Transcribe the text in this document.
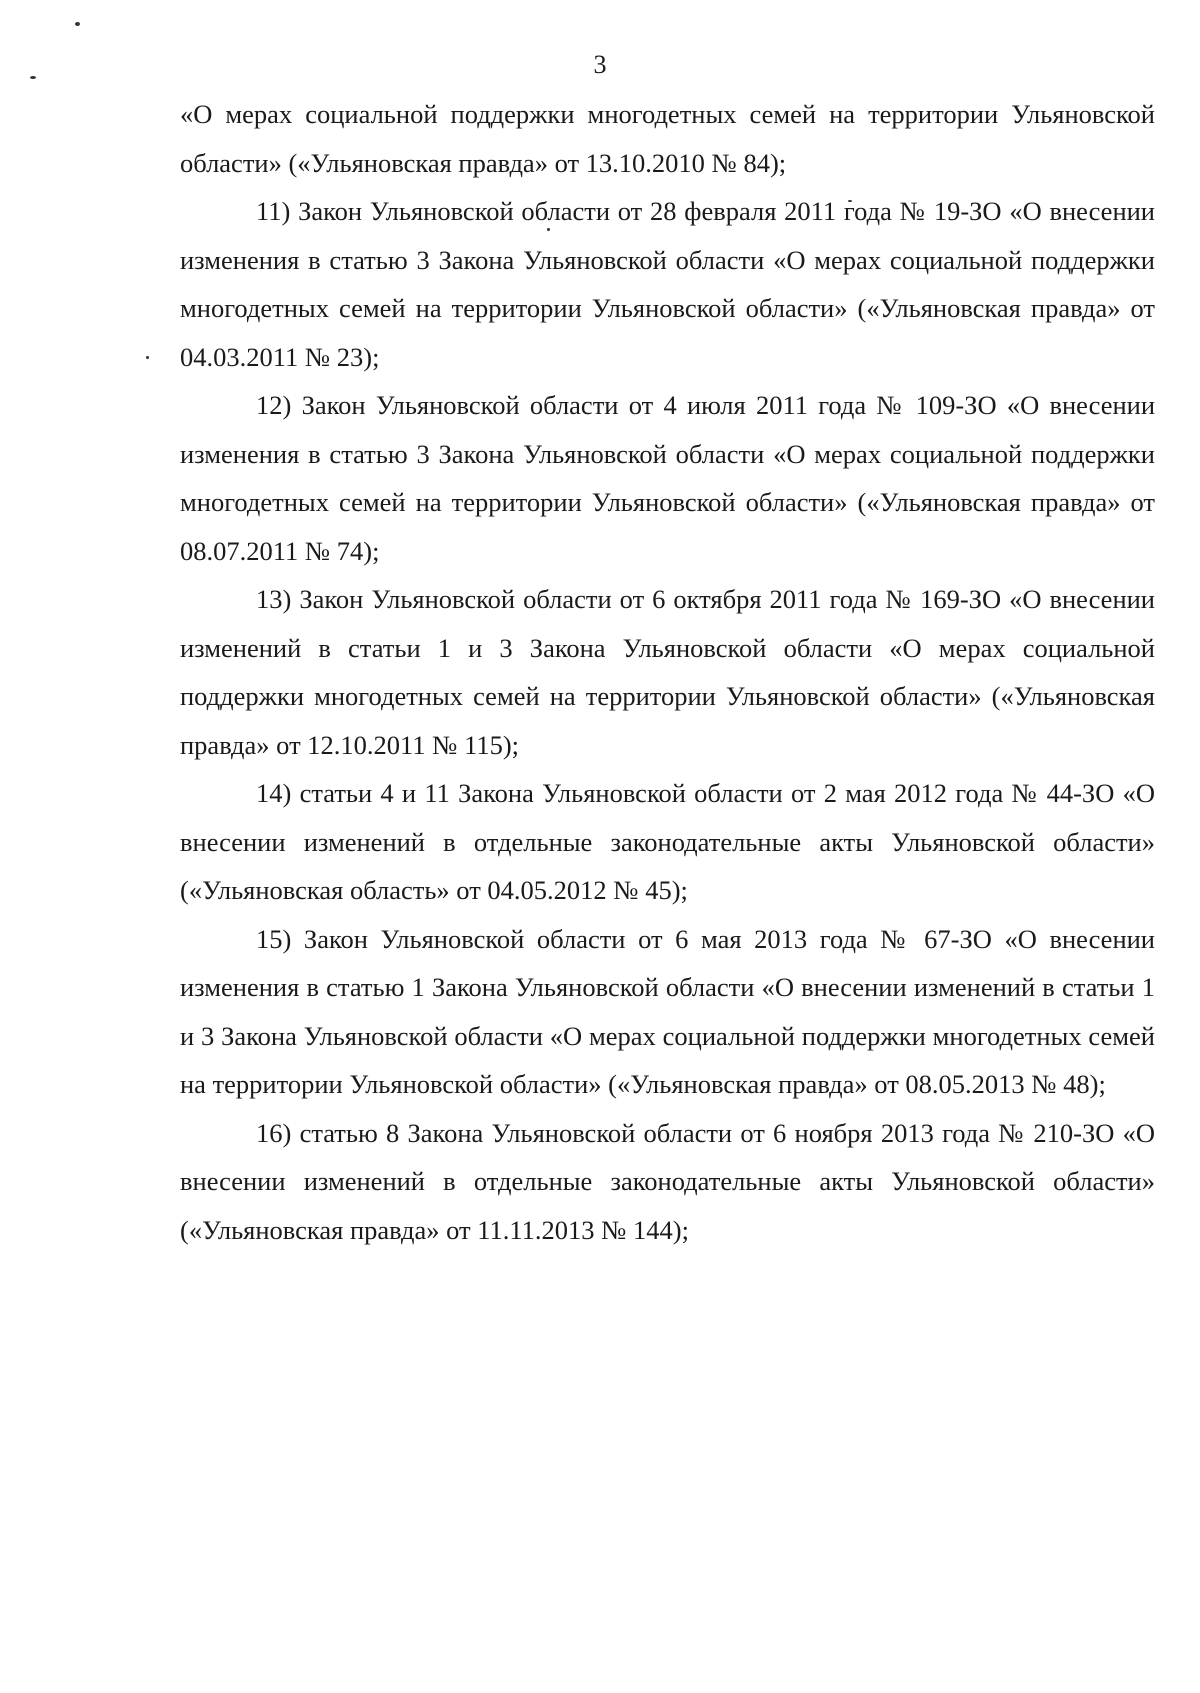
3

«О мерах социальной поддержки многодетных семей на территории Ульяновской области» («Ульяновская правда» от 13.10.2010 № 84);

11) Закон Ульяновской области от 28 февраля 2011 года № 19-ЗО «О внесении изменения в статью 3 Закона Ульяновской области «О мерах социальной поддержки многодетных семей на территории Ульяновской области» («Ульяновская правда» от 04.03.2011 № 23);

12) Закон Ульяновской области от 4 июля 2011 года № 109-ЗО «О внесении изменения в статью 3 Закона Ульяновской области «О мерах социальной поддержки многодетных семей на территории Ульяновской области» («Ульяновская правда» от 08.07.2011 № 74);

13) Закон Ульяновской области от 6 октября 2011 года № 169-ЗО «О внесении изменений в статьи 1 и 3 Закона Ульяновской области «О мерах социальной поддержки многодетных семей на территории Ульяновской области» («Ульяновская правда» от 12.10.2011 № 115);

14) статьи 4 и 11 Закона Ульяновской области от 2 мая 2012 года № 44-ЗО «О внесении изменений в отдельные законодательные акты Ульяновской области» («Ульяновская область» от 04.05.2012 № 45);

15) Закон Ульяновской области от 6 мая 2013 года № 67-ЗО «О внесении изменения в статью 1 Закона Ульяновской области «О внесении изменений в статьи 1 и 3 Закона Ульяновской области «О мерах социальной поддержки многодетных семей на территории Ульяновской области» («Ульяновская правда» от 08.05.2013 № 48);

16) статью 8 Закона Ульяновской области от 6 ноября 2013 года № 210-ЗО «О внесении изменений в отдельные законодательные акты Ульяновской области» («Ульяновская правда» от 11.11.2013 № 144);
